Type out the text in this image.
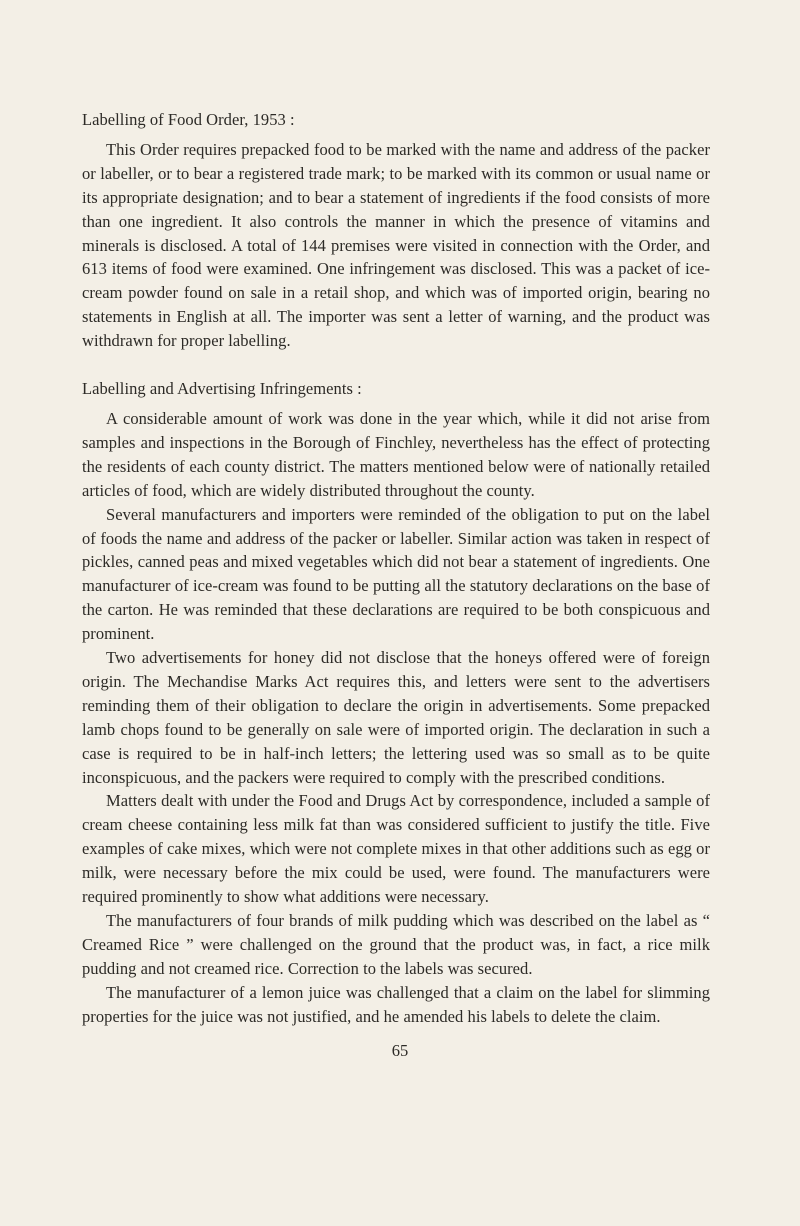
Labelling of Food Order, 1953 :

This Order requires prepacked food to be marked with the name and address of the packer or labeller, or to bear a registered trade mark; to be marked with its common or usual name or its appropriate designation; and to bear a statement of ingredients if the food consists of more than one ingredient. It also controls the manner in which the presence of vitamins and minerals is disclosed. A total of 144 premises were visited in connection with the Order, and 613 items of food were examined. One infringement was disclosed. This was a packet of ice-cream powder found on sale in a retail shop, and which was of imported origin, bearing no statements in English at all. The importer was sent a letter of warning, and the product was withdrawn for proper labelling.

Labelling and Advertising Infringements :

A considerable amount of work was done in the year which, while it did not arise from samples and inspections in the Borough of Finchley, nevertheless has the effect of protecting the residents of each county district. The matters mentioned below were of nationally retailed articles of food, which are widely distributed throughout the county.

Several manufacturers and importers were reminded of the obligation to put on the label of foods the name and address of the packer or labeller. Similar action was taken in respect of pickles, canned peas and mixed vegetables which did not bear a statement of ingredients. One manufacturer of ice-cream was found to be putting all the statutory declarations on the base of the carton. He was reminded that these declarations are required to be both conspicuous and prominent.

Two advertisements for honey did not disclose that the honeys offered were of foreign origin. The Mechandise Marks Act requires this, and letters were sent to the advertisers reminding them of their obligation to declare the origin in advertisements. Some prepacked lamb chops found to be generally on sale were of imported origin. The declaration in such a case is required to be in half-inch letters; the lettering used was so small as to be quite inconspicuous, and the packers were required to comply with the prescribed conditions.

Matters dealt with under the Food and Drugs Act by correspondence, included a sample of cream cheese containing less milk fat than was considered sufficient to justify the title. Five examples of cake mixes, which were not complete mixes in that other additions such as egg or milk, were necessary before the mix could be used, were found. The manufacturers were required prominently to show what additions were necessary.

The manufacturers of four brands of milk pudding which was described on the label as “ Creamed Rice ” were challenged on the ground that the product was, in fact, a rice milk pudding and not creamed rice. Correction to the labels was secured.

The manufacturer of a lemon juice was challenged that a claim on the label for slimming properties for the juice was not justified, and he amended his labels to delete the claim.

65
